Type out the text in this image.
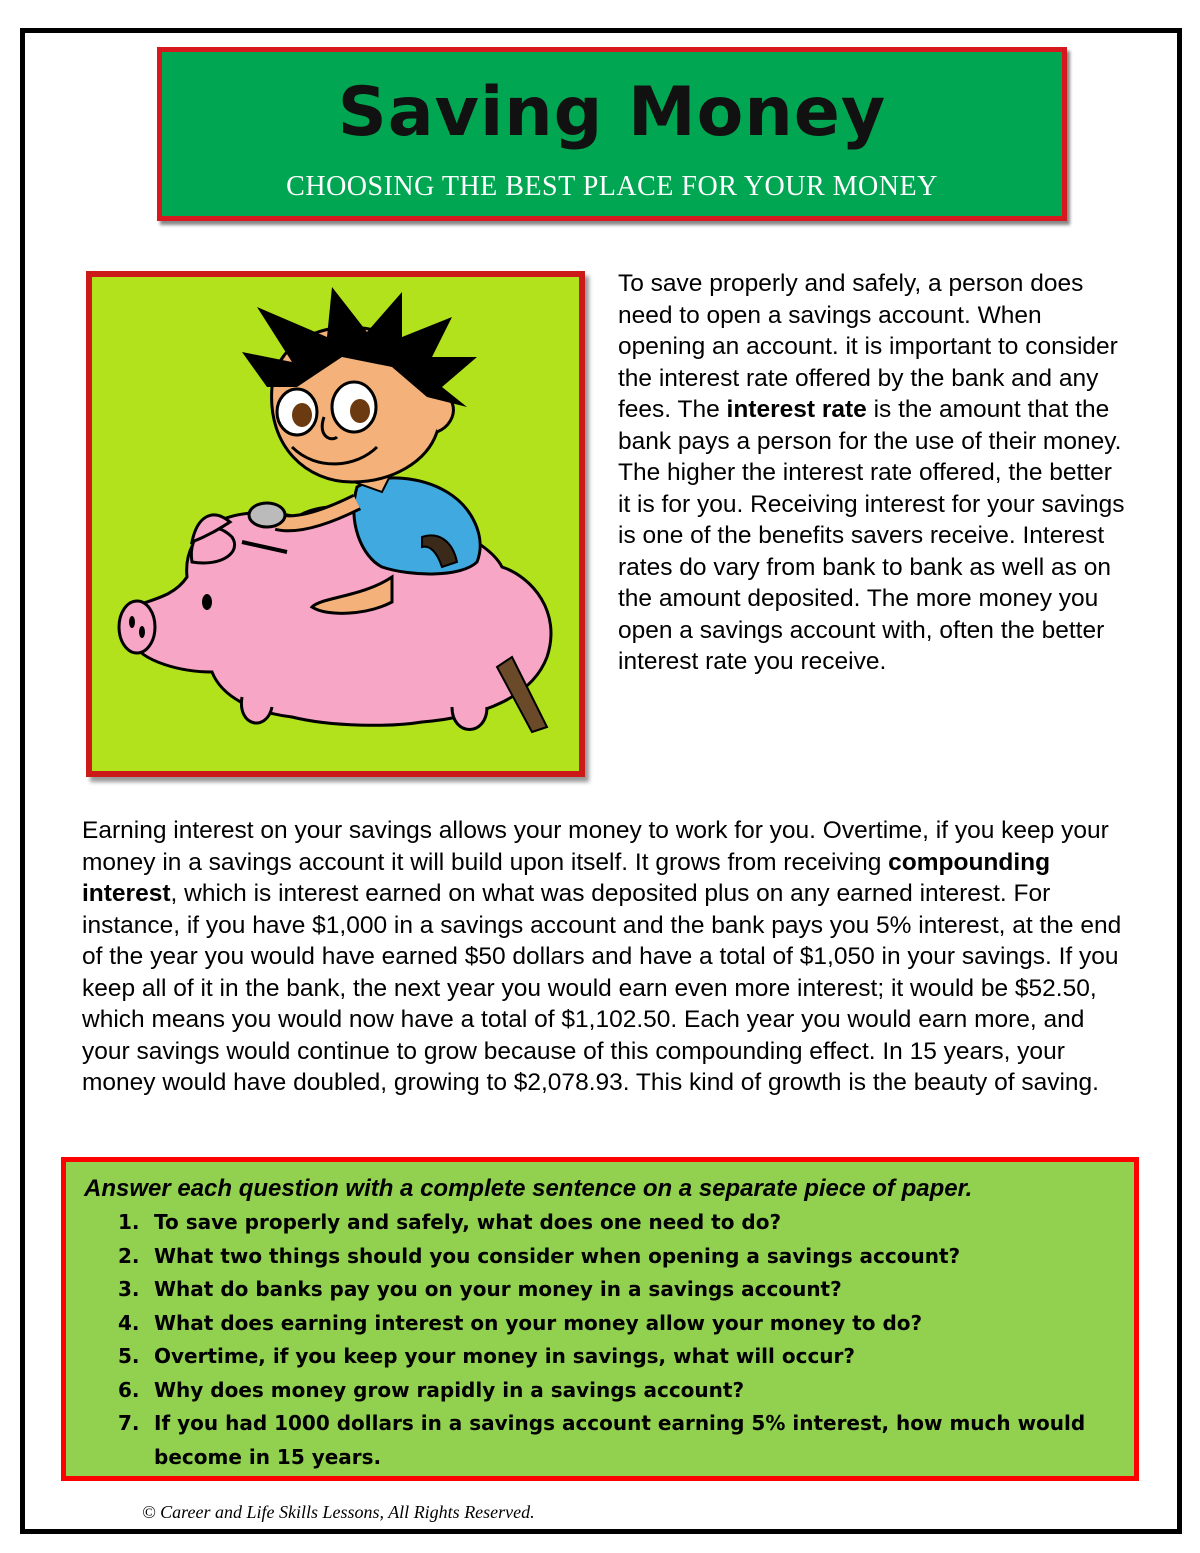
Saving Money
CHOOSING THE BEST PLACE FOR YOUR MONEY

To save properly and safely, a person does need to open a savings account. When opening an account. it is important to consider the interest rate offered by the bank and any fees. The interest rate is the amount that the bank pays a person for the use of their money. The higher the interest rate offered, the better it is for you. Receiving interest for your savings is one of the benefits savers receive. Interest rates do vary from bank to bank as well as on the amount deposited. The more money you open a savings account with, often the better interest rate you receive.

Earning interest on your savings allows your money to work for you. Overtime, if you keep your money in a savings account it will build upon itself. It grows from receiving compounding interest, which is interest earned on what was deposited plus on any earned interest. For instance, if you have $1,000 in a savings account and the bank pays you 5% interest, at the end of the year you would have earned $50 dollars and have a total of $1,050 in your savings. If you keep all of it in the bank, the next year you would earn even more interest; it would be $52.50, which means you would now have a total of $1,102.50. Each year you would earn more, and your savings would continue to grow because of this compounding effect. In 15 years, your money would have doubled, growing to $2,078.93. This kind of growth is the beauty of saving.

Answer each question with a complete sentence on a separate piece of paper.
1. To save properly and safely, what does one need to do?
2. What two things should you consider when opening a savings account?
3. What do banks pay you on your money in a savings account?
4. What does earning interest on your money allow your money to do?
5. Overtime, if you keep your money in savings, what will occur?
6. Why does money grow rapidly in a savings account?
7. If you had 1000 dollars in a savings account earning 5% interest, how much would become in 15 years.
© Career and Life Skills Lessons, All Rights Reserved.
